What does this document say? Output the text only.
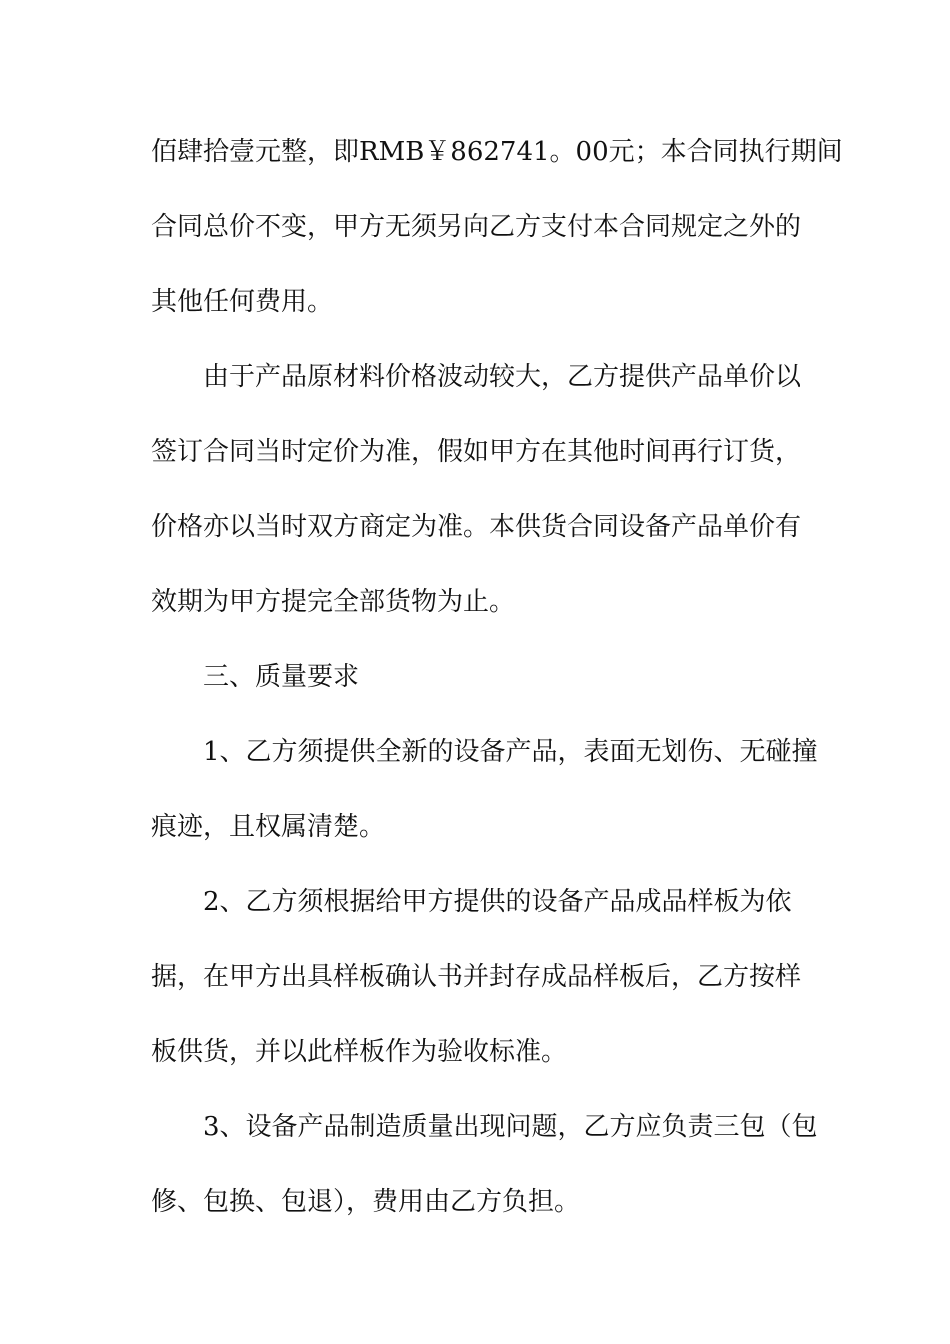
佰肆拾壹元整，即RMB￥862741。00元；本合同执行期间
合同总价不变，甲方无须另向乙方支付本合同规定之外的
其他任何费用。
由于产品原材料价格波动较大，乙方提供产品单价以
签订合同当时定价为准，假如甲方在其他时间再行订货，
价格亦以当时双方商定为准。本供货合同设备产品单价有
效期为甲方提完全部货物为止。
三、质量要求
1、乙方须提供全新的设备产品，表面无划伤、无碰撞
痕迹，且权属清楚。
2、乙方须根据给甲方提供的设备产品成品样板为依
据，在甲方出具样板确认书并封存成品样板后，乙方按样
板供货，并以此样板作为验收标准。
3、设备产品制造质量出现问题，乙方应负责三包（包
修、包换、包退），费用由乙方负担。
